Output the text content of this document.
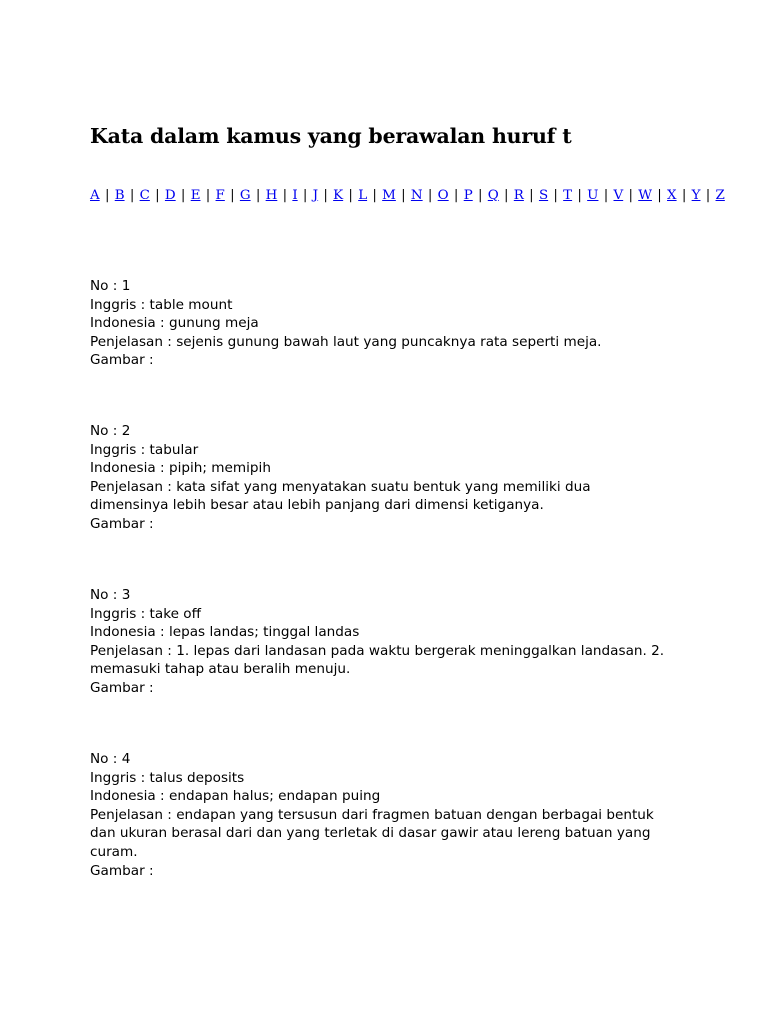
Kata dalam kamus yang berawalan huruf t
A | B | C | D | E | F | G | H | I | J | K | L | M | N | O | P | Q | R | S | T | U | V | W | X | Y | Z
No : 1
Inggris : table mount
Indonesia : gunung meja
Penjelasan : sejenis gunung bawah laut yang puncaknya rata seperti meja.
Gambar :
No : 2
Inggris : tabular
Indonesia : pipih; memipih
Penjelasan : kata sifat yang menyatakan suatu bentuk yang memiliki dua
dimensinya lebih besar atau lebih panjang dari dimensi ketiganya.
Gambar :
No : 3
Inggris : take off
Indonesia : lepas landas; tinggal landas
Penjelasan : 1. lepas dari landasan pada waktu bergerak meninggalkan landasan. 2.
memasuki tahap atau beralih menuju.
Gambar :
No : 4
Inggris : talus deposits
Indonesia : endapan halus; endapan puing
Penjelasan : endapan yang tersusun dari fragmen batuan dengan berbagai bentuk
dan ukuran berasal dari dan yang terletak di dasar gawir atau lereng batuan yang
curam.
Gambar :
